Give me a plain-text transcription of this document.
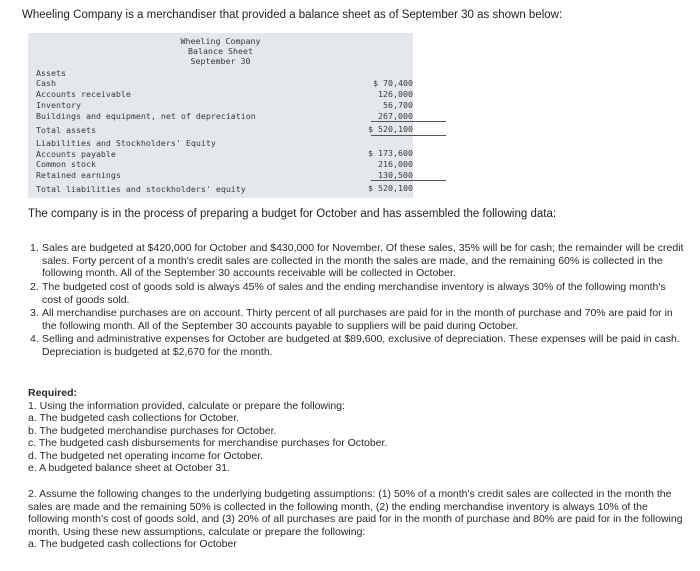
Wheeling Company is a merchandiser that provided a balance sheet as of September 30 as shown below:
Wheeling Company
Balance Sheet
September 30
Assets
Cash	$ 70,400
Accounts receivable	126,000
Inventory	56,700
Buildings and equipment, net of depreciation	267,000
Total assets	$ 520,100
Liabilities and Stockholders' Equity
Accounts payable	$ 173,600
Common stock	216,000
Retained earnings	130,500
Total liabilities and stockholders' equity	$ 520,100
The company is in the process of preparing a budget for October and has assembled the following data:
1. Sales are budgeted at $420,000 for October and $430,000 for November. Of these sales, 35% will be for cash; the remainder will be credit sales. Forty percent of a month's credit sales are collected in the month the sales are made, and the remaining 60% is collected in the following month. All of the September 30 accounts receivable will be collected in October.
2. The budgeted cost of goods sold is always 45% of sales and the ending merchandise inventory is always 30% of the following month's cost of goods sold.
3. All merchandise purchases are on account. Thirty percent of all purchases are paid for in the month of purchase and 70% are paid for in the following month. All of the September 30 accounts payable to suppliers will be paid during October.
4. Selling and administrative expenses for October are budgeted at $89,600, exclusive of depreciation. These expenses will be paid in cash. Depreciation is budgeted at $2,670 for the month.
Required:
1. Using the information provided, calculate or prepare the following:
a. The budgeted cash collections for October.
b. The budgeted merchandise purchases for October.
c. The budgeted cash disbursements for merchandise purchases for October.
d. The budgeted net operating income for October.
e. A budgeted balance sheet at October 31.
2. Assume the following changes to the underlying budgeting assumptions: (1) 50% of a month's credit sales are collected in the month the sales are made and the remaining 50% is collected in the following month, (2) the ending merchandise inventory is always 10% of the following month's cost of goods sold, and (3) 20% of all purchases are paid for in the month of purchase and 80% are paid for in the following month. Using these new assumptions, calculate or prepare the following:
a. The budgeted cash collections for October
